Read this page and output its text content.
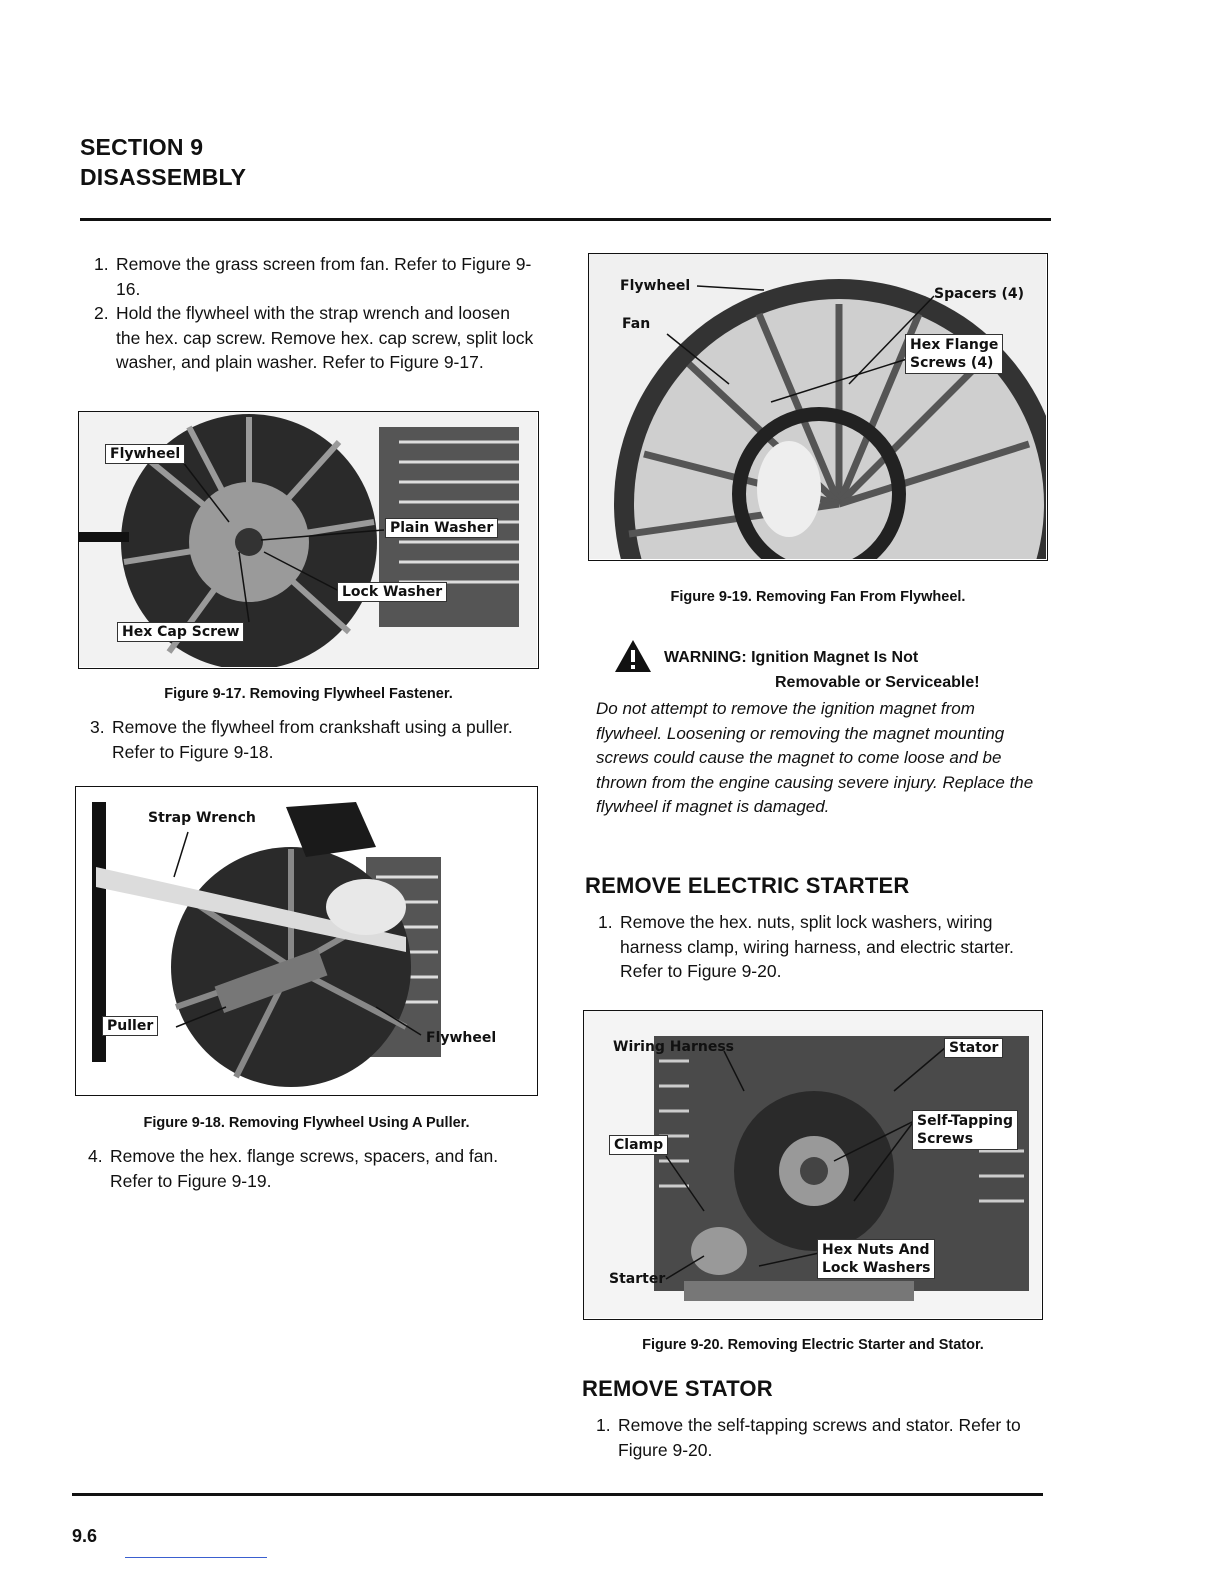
SECTION 9
DISASSEMBLY
1. Remove the grass screen from fan. Refer to Figure 9-16.
2. Hold the flywheel with the strap wrench and loosen the hex. cap screw. Remove hex. cap screw, split lock washer, and plain washer. Refer to Figure 9-17.
Flywheel
Plain Washer
Lock Washer
Hex Cap Screw
Figure 9-17. Removing Flywheel Fastener.
3. Remove the flywheel from crankshaft using a puller. Refer to Figure 9-18.
Strap Wrench
Puller
Flywheel
Figure 9-18. Removing Flywheel Using A Puller.
4. Remove the hex. flange screws, spacers, and fan. Refer to Figure 9-19.
Flywheel
Fan
Spacers (4)
Hex Flange
Screws (4)
Figure 9-19. Removing Fan From Flywheel.
WARNING: Ignition Magnet Is Not
Removable or Serviceable!
Do not attempt to remove the ignition magnet from flywheel. Loosening or removing the magnet mounting screws could cause the magnet to come loose and be thrown from the engine causing severe injury. Replace the flywheel if magnet is damaged.
REMOVE ELECTRIC STARTER
1. Remove the hex. nuts, split lock washers, wiring harness clamp, wiring harness, and electric starter. Refer to Figure 9-20.
Wiring Harness	Stator
Self-Tapping
Screws
Clamp
Hex Nuts And
Lock Washers
Starter
Figure 9-20. Removing Electric Starter and Stator.
REMOVE STATOR
1. Remove the self-tapping screws and stator. Refer to Figure 9-20.
9.6
